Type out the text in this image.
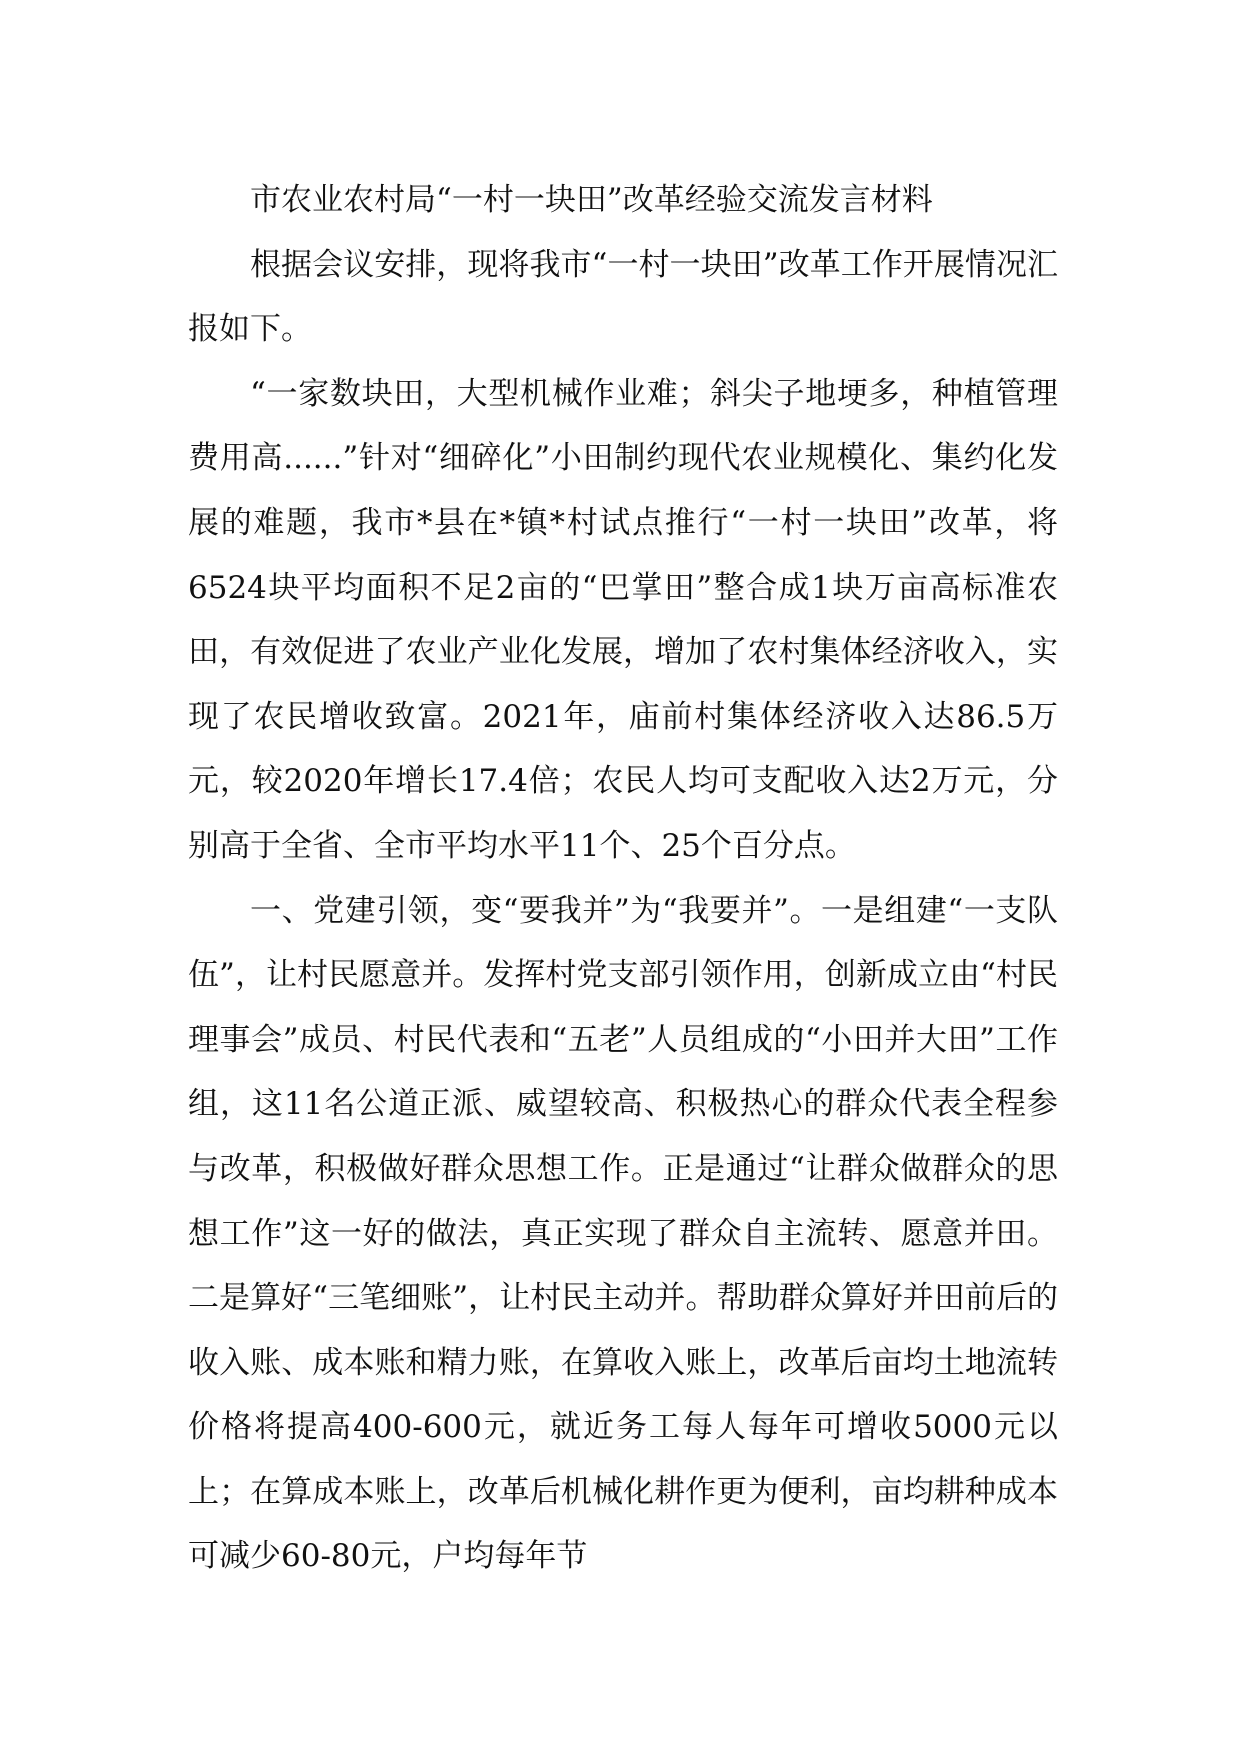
市农业农村局“一村一块田”改革经验交流发言材料

根据会议安排，现将我市“一村一块田”改革工作开展情况汇报如下。

“一家数块田，大型机械作业难；斜尖子地埂多，种植管理费用高......”针对“细碎化”小田制约现代农业规模化、集约化发展的难题，我市*县在*镇*村试点推行“一村一块田”改革，将6524块平均面积不足2亩的“巴掌田”整合成1块万亩高标准农田，有效促进了农业产业化发展，增加了农村集体经济收入，实现了农民增收致富。2021年，庙前村集体经济收入达86.5万元，较2020年增长17.4倍；农民人均可支配收入达2万元，分别高于全省、全市平均水平11个、25个百分点。

一、党建引领，变“要我并”为“我要并”。一是组建“一支队伍”，让村民愿意并。发挥村党支部引领作用，创新成立由“村民理事会”成员、村民代表和“五老”人员组成的“小田并大田”工作组，这11名公道正派、威望较高、积极热心的群众代表全程参与改革，积极做好群众思想工作。正是通过“让群众做群众的思想工作”这一好的做法，真正实现了群众自主流转、愿意并田。二是算好“三笔细账”，让村民主动并。帮助群众算好并田前后的收入账、成本账和精力账，在算收入账上，改革后亩均土地流转价格将提高400-600元，就近务工每人每年可增收5000元以上；在算成本账上，改革后机械化耕作更为便利，亩均耕种成本可减少60-80元，户均每年节
